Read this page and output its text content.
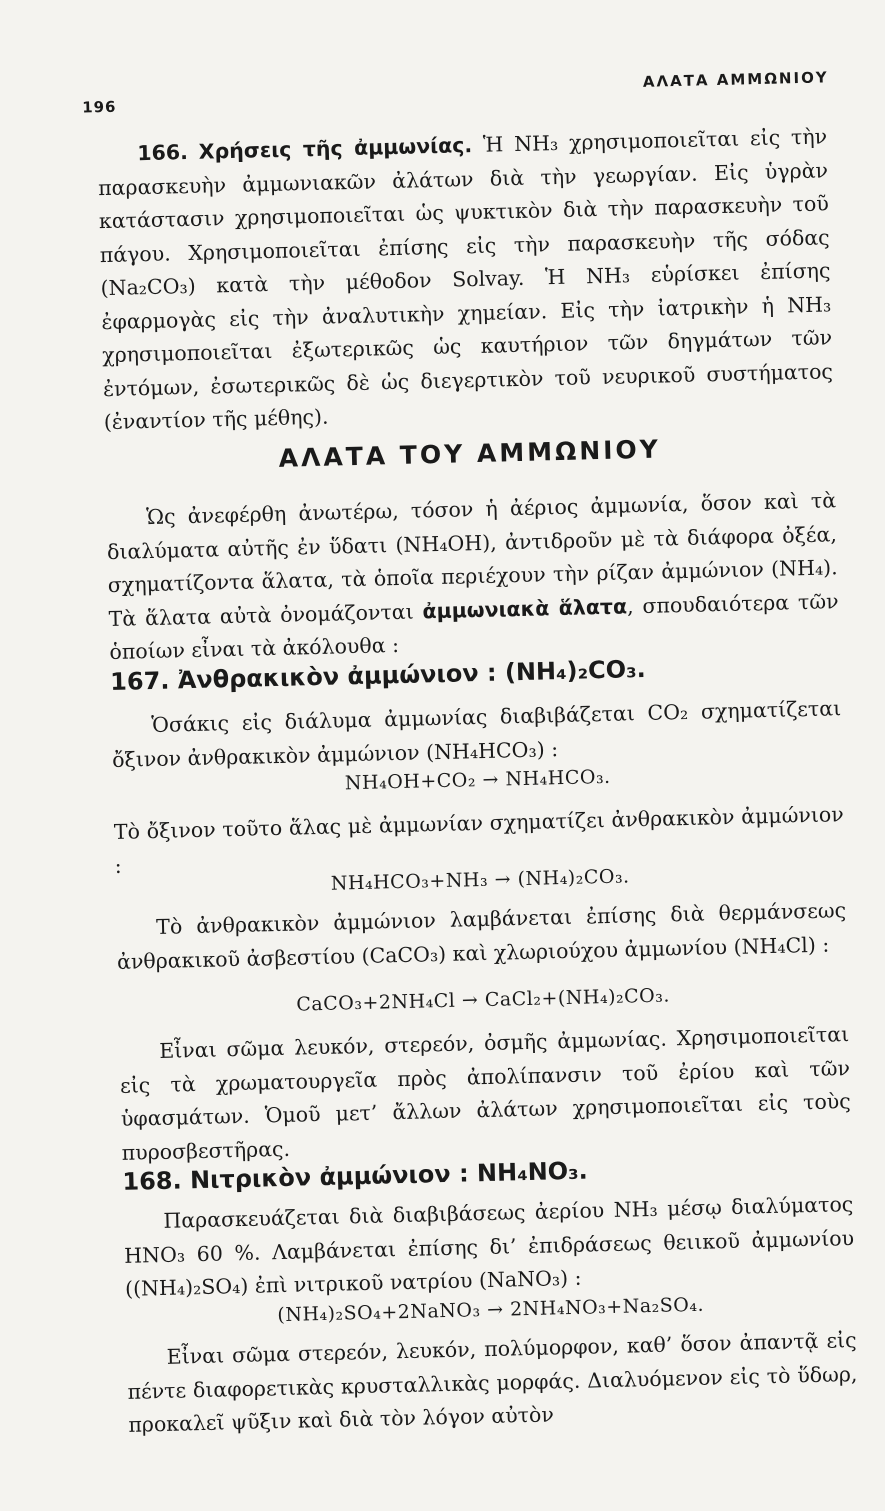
196
ΑΛΑΤΑ ΑΜΜΩΝΙΟΥ
166. Χρήσεις τῆς ἀμμωνίας. Ἡ NH₃ χρησιμοποιεῖται εἰς τὴν παρασκευὴν ἀμμωνιακῶν ἀλάτων διὰ τὴν γεωργίαν. Εἰς ὑγρὰν κατάστασιν χρησιμοποιεῖται ὡς ψυκτικὸν διὰ τὴν παρασκευὴν τοῦ πάγου. Χρησιμοποιεῖται ἐπίσης εἰς τὴν παρασκευὴν τῆς σόδας (Na₂CO₃) κατὰ τὴν μέθοδον Solvay. Ἡ NH₃ εὑρίσκει ἐπίσης ἐφαρμογὰς εἰς τὴν ἀναλυτικὴν χημείαν. Εἰς τὴν ἰατρικὴν ἡ NH₃ χρησιμοποιεῖται ἐξωτερικῶς ὡς καυτήριον τῶν δηγμάτων τῶν ἐντόμων, ἐσωτερικῶς δὲ ὡς διεγερτικὸν τοῦ νευρικοῦ συστήματος (ἐναντίον τῆς μέθης).
ΑΛΑΤΑ ΤΟΥ ΑΜΜΩΝΙΟΥ
Ὡς ἀνεφέρθη ἀνωτέρω, τόσον ἡ ἀέριος ἀμμωνία, ὅσον καὶ τὰ διαλύματα αὐτῆς ἐν ὕδατι (NH₄OH), ἀντιδροῦν μὲ τὰ διάφορα ὀξέα, σχηματίζοντα ἅλατα, τὰ ὁποῖα περιέχουν τὴν ρίζαν ἀμμώνιον (NH₄). Τὰ ἅλατα αὐτὰ ὀνομάζονται ἀμμωνιακὰ ἅλατα, σπουδαιότερα τῶν ὁποίων εἶναι τὰ ἀκόλουθα :
167. Ἀνθρακικὸν ἀμμώνιον : (NH₄)₂CO₃.
Ὁσάκις εἰς διάλυμα ἀμμωνίας διαβιβάζεται CO₂ σχηματίζεται ὄξινον ἀνθρακικὸν ἀμμώνιον (NH₄HCO₃) :
NH₄OH+CO₂ → NH₄HCO₃.
Τὸ ὄξινον τοῦτο ἅλας μὲ ἀμμωνίαν σχηματίζει ἀνθρακικὸν ἀμμώνιον :
NH₄HCO₃+NH₃ → (NH₄)₂CO₃.
Τὸ ἀνθρακικὸν ἀμμώνιον λαμβάνεται ἐπίσης διὰ θερμάνσεως ἀνθρακικοῦ ἀσβεστίου (CaCO₃) καὶ χλωριούχου ἀμμωνίου (NH₄Cl) :
CaCO₃+2NH₄Cl → CaCl₂+(NH₄)₂CO₃.
Εἶναι σῶμα λευκόν, στερεόν, ὀσμῆς ἀμμωνίας. Χρησιμοποιεῖται εἰς τὰ χρωματουργεῖα πρὸς ἀπολίπανσιν τοῦ ἐρίου καὶ τῶν ὑφασμάτων. Ὁμοῦ μετ’ ἄλλων ἀλάτων χρησιμοποιεῖται εἰς τοὺς πυροσβεστῆρας.
168. Νιτρικὸν ἀμμώνιον : NH₄NO₃.
Παρασκευάζεται διὰ διαβιβάσεως ἀερίου NH₃ μέσῳ διαλύματος HNO₃ 60 %. Λαμβάνεται ἐπίσης δι’ ἐπιδράσεως θειικοῦ ἀμμωνίου ((NH₄)₂SO₄) ἐπὶ νιτρικοῦ νατρίου (NaNO₃) :
(NH₄)₂SO₄+2NaNO₃ → 2NH₄NO₃+Na₂SO₄.
Εἶναι σῶμα στερεόν, λευκόν, πολύμορφον, καθ’ ὅσον ἀπαντᾷ εἰς πέντε διαφορετικὰς κρυσταλλικὰς μορφάς. Διαλυόμενον εἰς τὸ ὕδωρ, προκαλεῖ ψῦξιν καὶ διὰ τὸν λόγον αὐτὸν
